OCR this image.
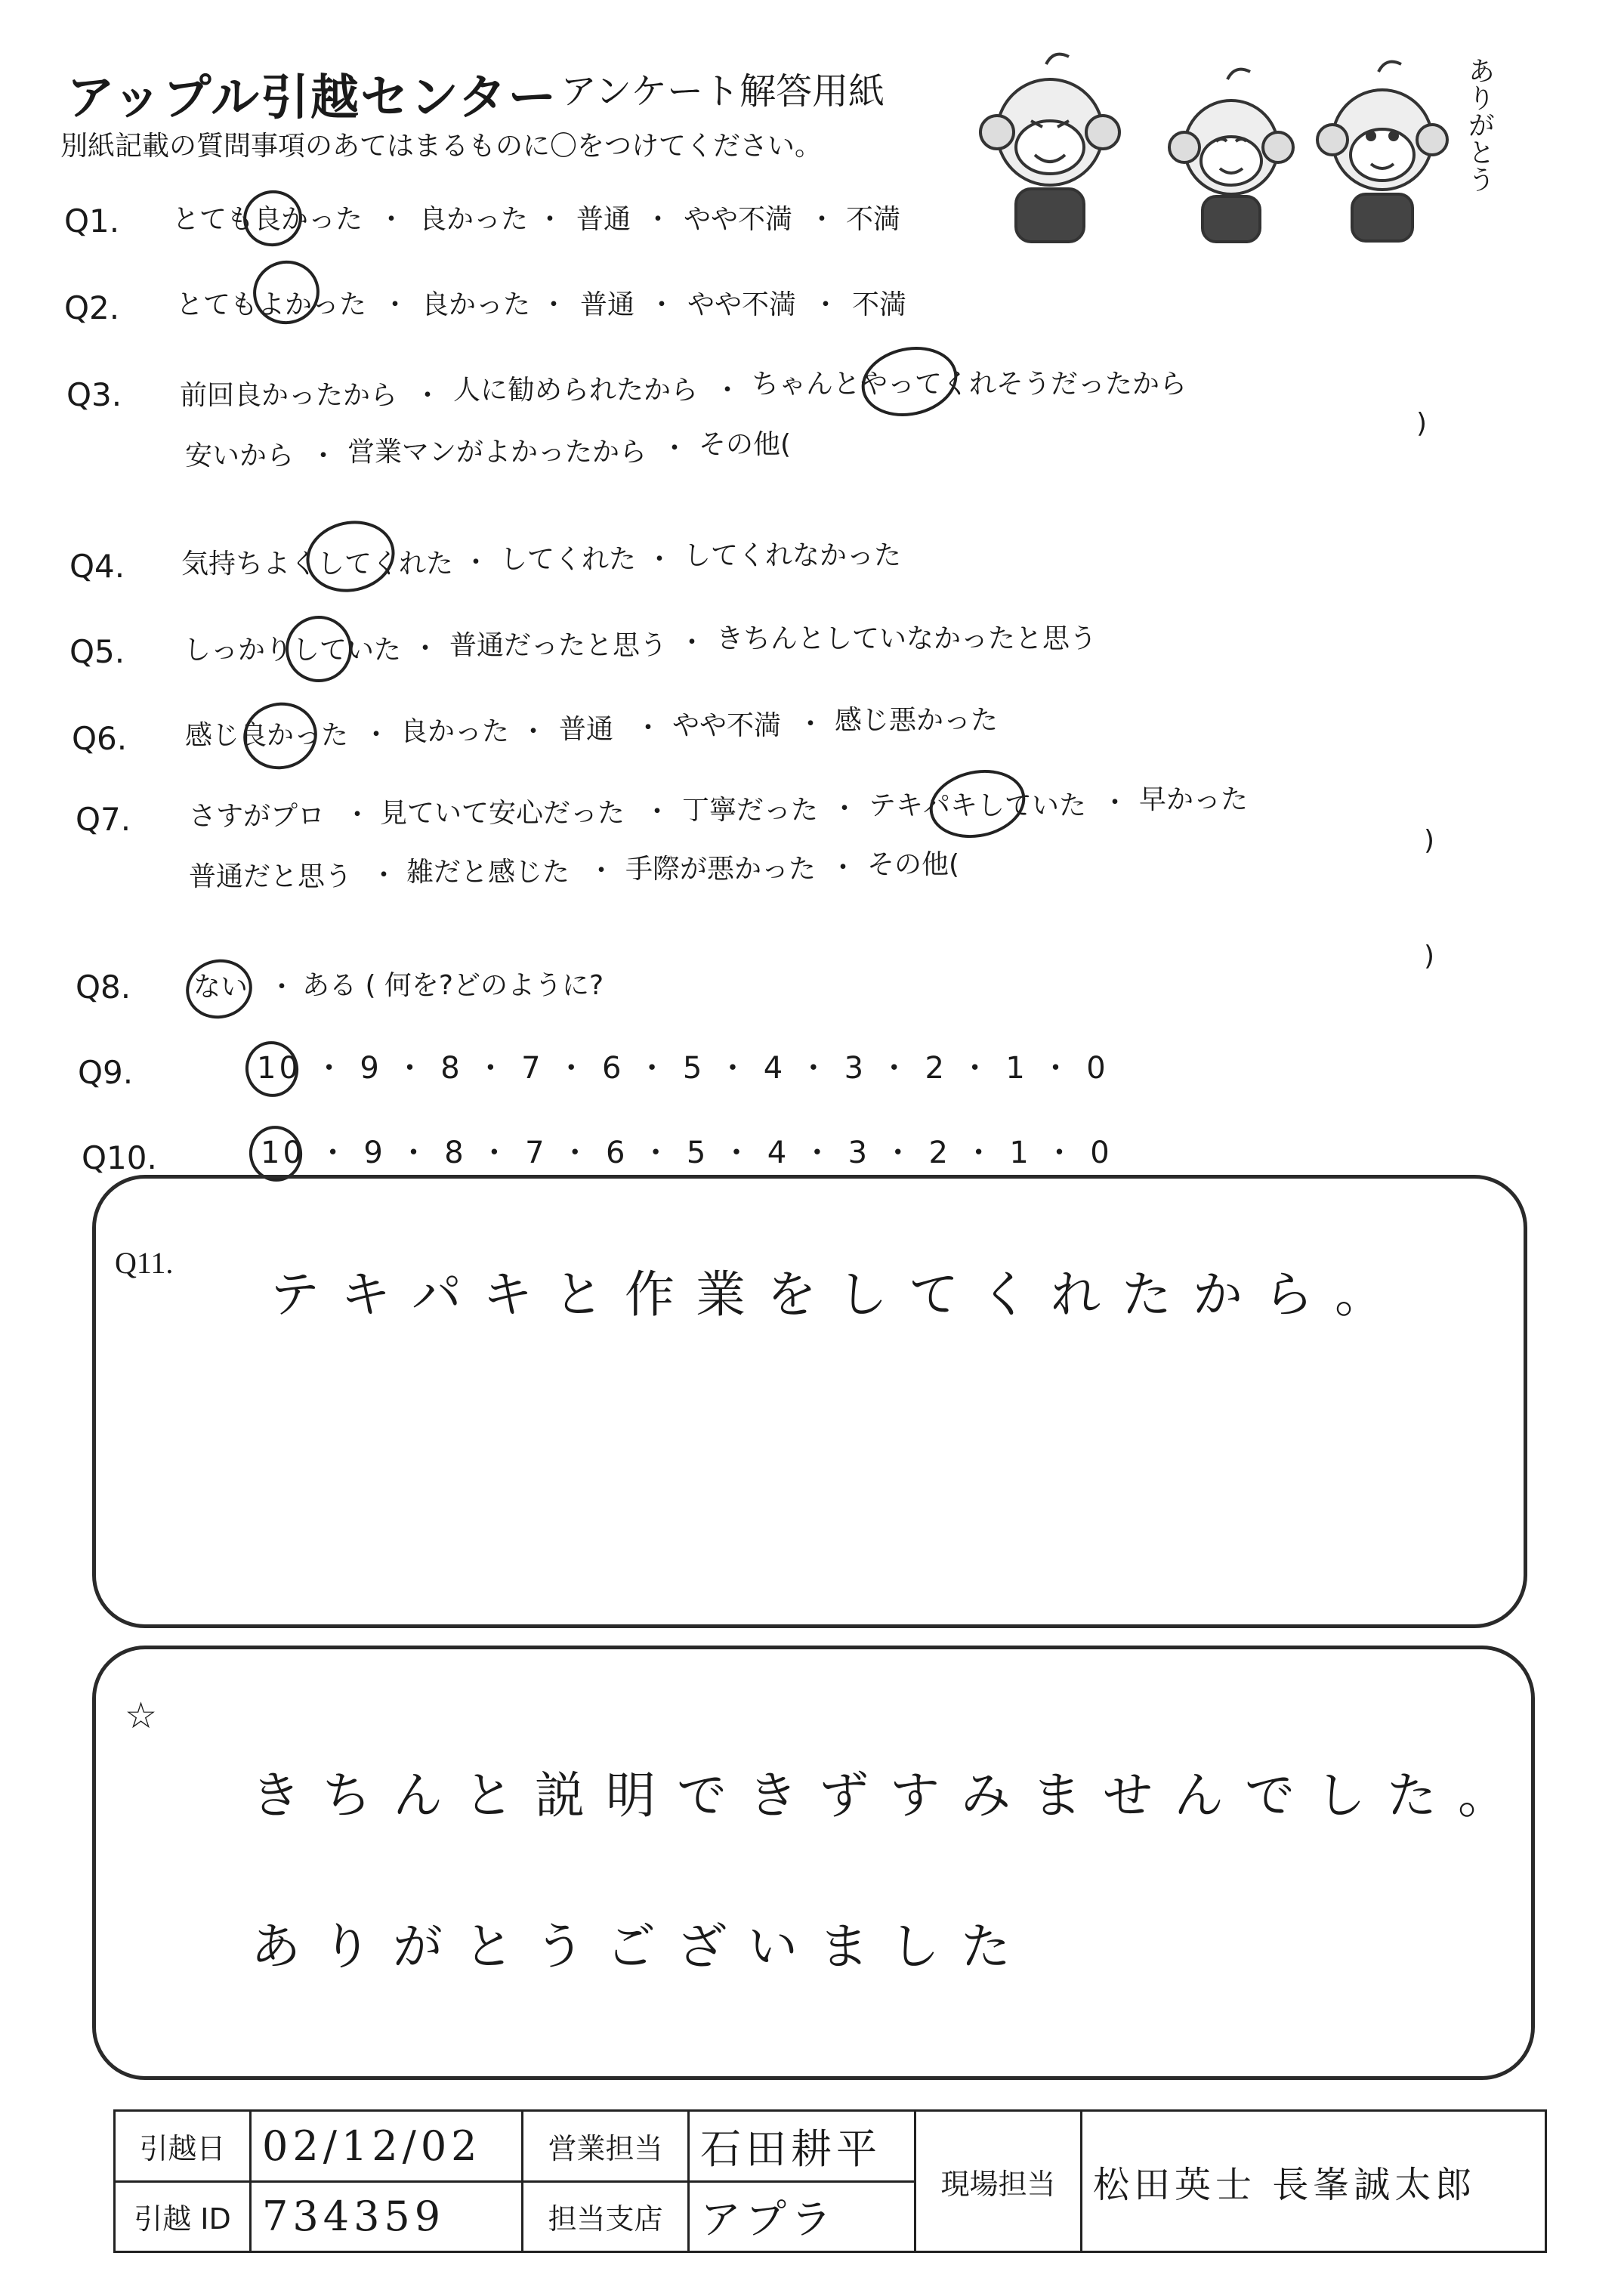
アップル引越センター アンケート解答用紙
別紙記載の質問事項のあてはまるものに〇をつけてください。	ありがとう
Q1. とても良かった ・ 良かった ・ 普通 ・ やや不満 ・ 不満
Q2. とてもよかった ・ 良かった ・ 普通 ・ やや不満 ・ 不満
Q3. 前回良かったから ・ 人に勧められたから ・ ちゃんとやってくれそうだったから
安いから ・ 営業マンがよかったから ・ その他(
)
Q4. 気持ちよくしてくれた ・ してくれた ・ してくれなかった
Q5. しっかりしていた ・ 普通だったと思う ・ きちんとしていなかったと思う
Q6. 感じ良かった ・ 良かった ・ 普通 ・ やや不満 ・ 感じ悪かった
Q7. さすがプロ ・ 見ていて安心だった ・ 丁寧だった ・ テキパキしていた ・ 早かった
普通だと思う ・ 雑だと感じた ・ 手際が悪かった ・ その他(
)
Q8. ない ・ ある ( 何を?どのように?
)
Q9.	10 ・ 9 ・ 8 ・ 7 ・ 6 ・ 5 ・ 4 ・ 3 ・ 2 ・ 1 ・ 0
Q10.	10 ・ 9 ・ 8 ・ 7 ・ 6 ・ 5 ・ 4 ・ 3 ・ 2 ・ 1 ・ 0
Q11.
テキパキと作業をしてくれたから。
☆
きちんと説明できずすみませんでした。
ありがとうございました
引越日	02/12/02	営業担当	石田耕平	現場担当	松田英士 長峯誠太郎
引越 ID	734359	担当支店	アプラ		
